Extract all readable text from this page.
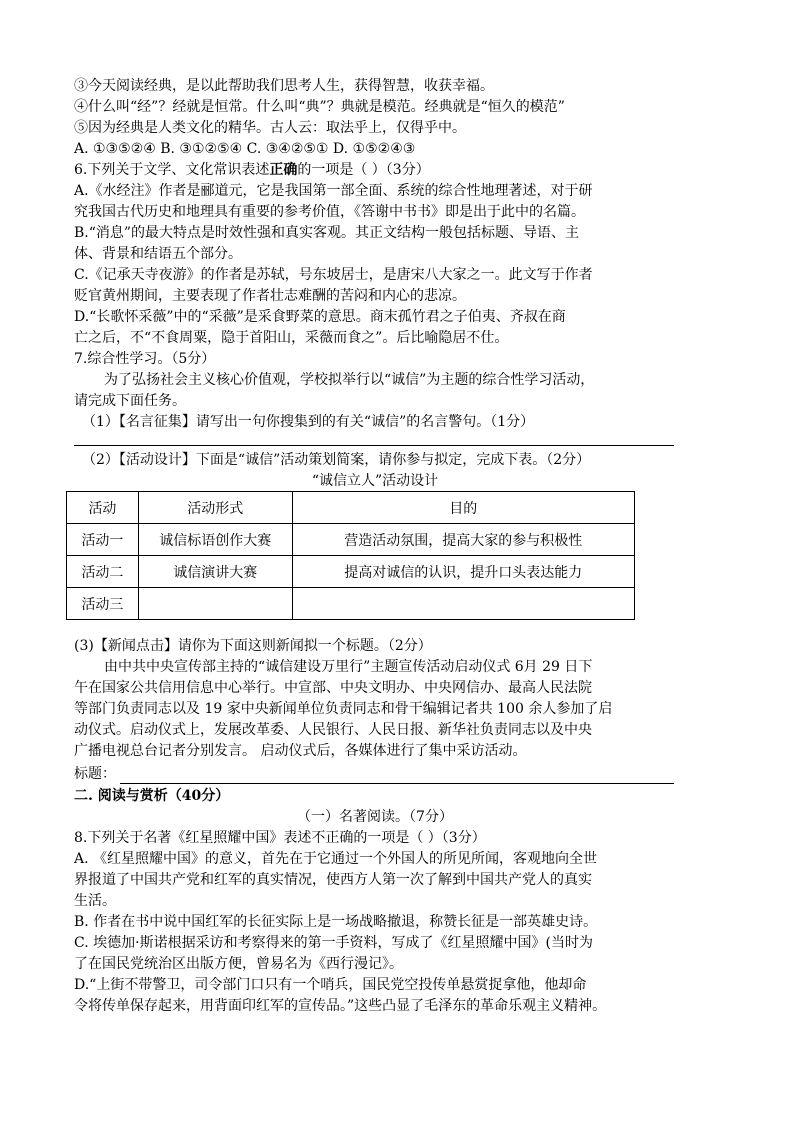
③今天阅读经典，是以此帮助我们思考人生，获得智慧，收获幸福。
④什么叫“经”？经就是恒常。什么叫“典”？典就是模范。经典就是“恒久的模范”
⑤因为经典是人类文化的精华。古人云：取法乎上，仅得乎中。
A. ①③⑤②④ B. ③①②⑤④ C. ③④②⑤① D. ①⑤②④③
6.下列关于文学、文化常识表述正确的一项是（ ）（3分）
A.《水经注》作者是郦道元，它是我国第一部全面、系统的综合性地理著述，对于研
究我国古代历史和地理具有重要的参考价值，《答谢中书书》即是出于此中的名篇。
B.“消息”的最大特点是时效性强和真实客观。其正文结构一般包括标题、导语、主
体、背景和结语五个部分。
C.《记承天寺夜游》的作者是苏轼，号东坡居士，是唐宋八大家之一。此文写于作者
贬官黄州期间，主要表现了作者壮志难酬的苦闷和内心的悲凉。
D.“长歌怀采薇”中的“采薇”是采食野菜的意思。商末孤竹君之子伯夷、齐叔在商
亡之后，不“不食周粟，隐于首阳山，采薇而食之”。后比喻隐居不仕。
7.综合性学习。（5分）
为了弘扬社会主义核心价值观，学校拟举行以“诚信”为主题的综合性学习活动，
请完成下面任务。
（1）【名言征集】请写出一句你搜集到的有关“诚信”的名言警句。（1分）
（2）【活动设计】下面是“诚信”活动策划简案，请你参与拟定，完成下表。（2分）
“诚信立人”活动设计
活动	活动形式	目的
活动一	诚信标语创作大赛	营造活动氛围，提高大家的参与积极性
活动二	诚信演讲大赛	提高对诚信的认识，提升口头表达能力
活动三		
(3)【新闻点击】请你为下面这则新闻拟一个标题。（2分）
由中共中央宣传部主持的“诚信建设万里行”主题宣传活动启动仪式 6月 29 日下
午在国家公共信用信息中心举行。中宣部、中央文明办、中央网信办、最高人民法院
等部门负责同志以及 19 家中央新闻单位负责同志和骨干编辑记者共 100 余人参加了启
动仪式。启动仪式上，发展改革委、人民银行、人民日报、新华社负责同志以及中央
广播电视总台记者分别发言。 启动仪式后，各媒体进行了集中采访活动。
标题：
二. 阅读与赏析（40分）
（一）名著阅读。（7分）
8.下列关于名著《红星照耀中国》表述不正确的一项是（ ）（3分）
A. 《红星照耀中国》的意义，首先在于它通过一个外国人的所见所闻，客观地向全世
界报道了中国共产党和红军的真实情况，使西方人第一次了解到中国共产党人的真实
生活。
B. 作者在书中说中国红军的长征实际上是一场战略撤退，称赞长征是一部英雄史诗。
C. 埃德加·斯诺根据采访和考察得来的第一手资料，写成了《红星照耀中国》(当时为
了在国民党统治区出版方便，曾易名为《西行漫记》。
D.“上街不带警卫，司令部门口只有一个哨兵，国民党空投传单悬赏捉拿他，他却命
令将传单保存起来，用背面印红军的宣传品。”这些凸显了毛泽东的革命乐观主义精神。
